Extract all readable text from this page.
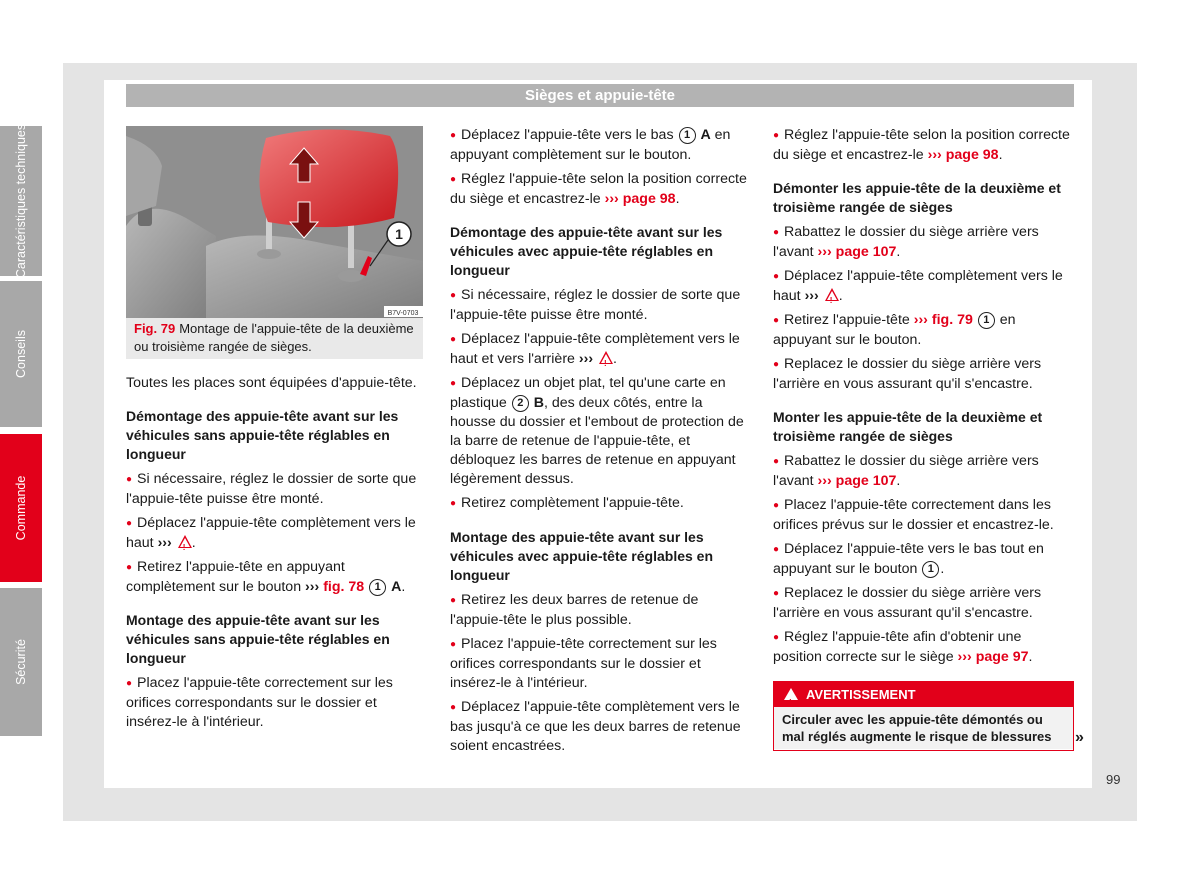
Sièges et appuie-tête
1
B7V-0703
Fig. 79 Montage de l'appuie-tête de la deuxième ou troisième rangée de sièges.

Toutes les places sont équipées d'appuie-tête.

Démontage des appuie-tête avant sur les véhicules sans appuie-tête réglables en longueur

● Si nécessaire, réglez le dossier de sorte que l'appuie-tête puisse être monté.

● Déplacez l'appuie-tête complètement vers le haut ››› ! .

● Retirez l'appuie-tête en appuyant complètement sur le bouton ››› fig. 78 1 A.

Montage des appuie-tête avant sur les véhicules sans appuie-tête réglables en longueur

● Placez l'appuie-tête correctement sur les orifices correspondants sur le dossier et insérez-le à l'intérieur.

● Déplacez l'appuie-tête vers le bas 1 A en appuyant complètement sur le bouton.

● Réglez l'appuie-tête selon la position correcte du siège et encastrez-le ››› page 98.

Démontage des appuie-tête avant sur les véhicules avec appuie-tête réglables en longueur

● Si nécessaire, réglez le dossier de sorte que l'appuie-tête puisse être monté.

● Déplacez l'appuie-tête complètement vers le haut et vers l'arrière ››› ! .

● Déplacez un objet plat, tel qu'une carte en plastique 2 B, des deux côtés, entre la housse du dossier et l'embout de protection de la barre de retenue de l'appuie-tête, et débloquez les barres de retenue en appuyant légèrement dessus.

● Retirez complètement l'appuie-tête.

Montage des appuie-tête avant sur les véhicules avec appuie-tête réglables en longueur

● Retirez les deux barres de retenue de l'appuie-tête le plus possible.

● Placez l'appuie-tête correctement sur les orifices correspondants sur le dossier et insérez-le à l'intérieur.

● Déplacez l'appuie-tête complètement vers le bas jusqu'à ce que les deux barres de retenue soient encastrées.

● Réglez l'appuie-tête selon la position correcte du siège et encastrez-le ››› page 98.

Démonter les appuie-tête de la deuxième et troisième rangée de sièges

● Rabattez le dossier du siège arrière vers l'avant ››› page 107.

● Déplacez l'appuie-tête complètement vers le haut ››› ! .

● Retirez l'appuie-tête ››› fig. 79 1 en appuyant sur le bouton.

● Replacez le dossier du siège arrière vers l'arrière en vous assurant qu'il s'encastre.

Monter les appuie-tête de la deuxième et troisième rangée de sièges

● Rabattez le dossier du siège arrière vers l'avant ››› page 107.

● Placez l'appuie-tête correctement dans les orifices prévus sur le dossier et encastrez-le.

● Déplacez l'appuie-tête vers le bas tout en appuyant sur le bouton 1 .

● Replacez le dossier du siège arrière vers l'arrière en vous assurant qu'il s'encastre.

● Réglez l'appuie-tête afin d'obtenir une position correcte sur le siège ››› page 97.

!
AVERTISSEMENT
Circuler avec les appuie-tête démontés ou mal réglés augmente le risque de blessures	»
Caractéristiques techniques
Conseils
Commande
Sécurité
99
